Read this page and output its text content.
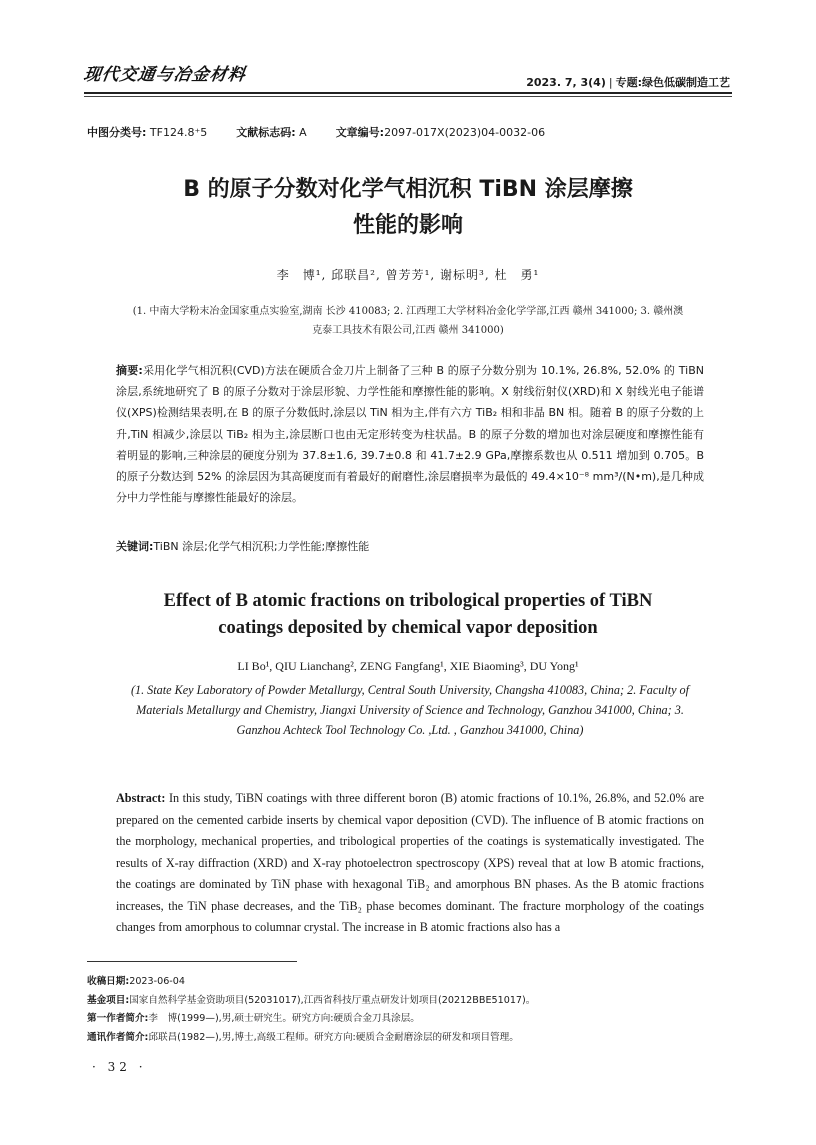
现代交通与冶金材料	2023. 7, 3(4) | 专题:绿色低碳制造工艺
中图分类号: TF124.8⁺5	文献标志码: A	文章编号:2097-017X(2023)04-0032-06
B 的原子分数对化学气相沉积 TiBN 涂层摩擦
性能的影响
李　博¹, 邱联昌², 曾芳芳¹, 谢标明³, 杜　勇¹
(1. 中南大学粉末冶金国家重点实验室,湖南 长沙 410083; 2. 江西理工大学材料冶金化学学部,江西 赣州 341000; 3. 赣州澳克泰工具技术有限公司,江西 赣州 341000)
摘要:采用化学气相沉积(CVD)方法在硬质合金刀片上制备了三种 B 的原子分数分别为 10.1%, 26.8%, 52.0% 的 TiBN 涂层,系统地研究了 B 的原子分数对于涂层形貌、力学性能和摩擦性能的影响。X 射线衍射仪(XRD)和 X 射线光电子能谱仪(XPS)检测结果表明,在 B 的原子分数低时,涂层以 TiN 相为主,伴有六方 TiB₂ 相和非晶 BN 相。随着 B 的原子分数的上升,TiN 相减少,涂层以 TiB₂ 相为主,涂层断口也由无定形转变为柱状晶。B 的原子分数的增加也对涂层硬度和摩擦性能有着明显的影响,三种涂层的硬度分别为 37.8±1.6, 39.7±0.8 和 41.7±2.9 GPa,摩擦系数也从 0.511 增加到 0.705。B 的原子分数达到 52% 的涂层因为其高硬度而有着最好的耐磨性,涂层磨损率为最低的 49.4×10⁻⁸ mm³/(N•m),是几种成分中力学性能与摩擦性能最好的涂层。
关键词:TiBN 涂层;化学气相沉积;力学性能;摩擦性能
Effect of B atomic fractions on tribological properties of TiBN
coatings deposited by chemical vapor deposition
LI Bo¹, QIU Lianchang², ZENG Fangfang¹, XIE Biaoming³, DU Yong¹
(1. State Key Laboratory of Powder Metallurgy, Central South University, Changsha 410083, China; 2. Faculty of Materials Metallurgy and Chemistry, Jiangxi University of Science and Technology, Ganzhou 341000, China; 3. Ganzhou Achteck Tool Technology Co. ,Ltd. , Ganzhou 341000, China)
Abstract: In this study, TiBN coatings with three different boron (B) atomic fractions of 10.1%, 26.8%, and 52.0% are prepared on the cemented carbide inserts by chemical vapor deposition (CVD). The influence of B atomic fractions on the morphology, mechanical properties, and tribological properties of the coatings is systematically investigated. The results of X-ray diffraction (XRD) and X-ray photoelectron spectroscopy (XPS) reveal that at low B atomic fractions, the coatings are dominated by TiN phase with hexagonal TiB₂ and amorphous BN phases. As the B atomic fractions increases, the TiN phase decreases, and the TiB₂ phase becomes dominant. The fracture morphology of the coatings changes from amorphous to columnar crystal. The increase in B atomic fractions also has a
收稿日期:2023-06-04
基金项目:国家自然科学基金资助项目(52031017),江西省科技厅重点研发计划项目(20212BBE51017)。
第一作者简介:李　博(1999—),男,硕士研究生。研究方向:硬质合金刀具涂层。
通讯作者简介:邱联昌(1982—),男,博士,高级工程师。研究方向:硬质合金耐磨涂层的研发和项目管理。
· 32 ·
